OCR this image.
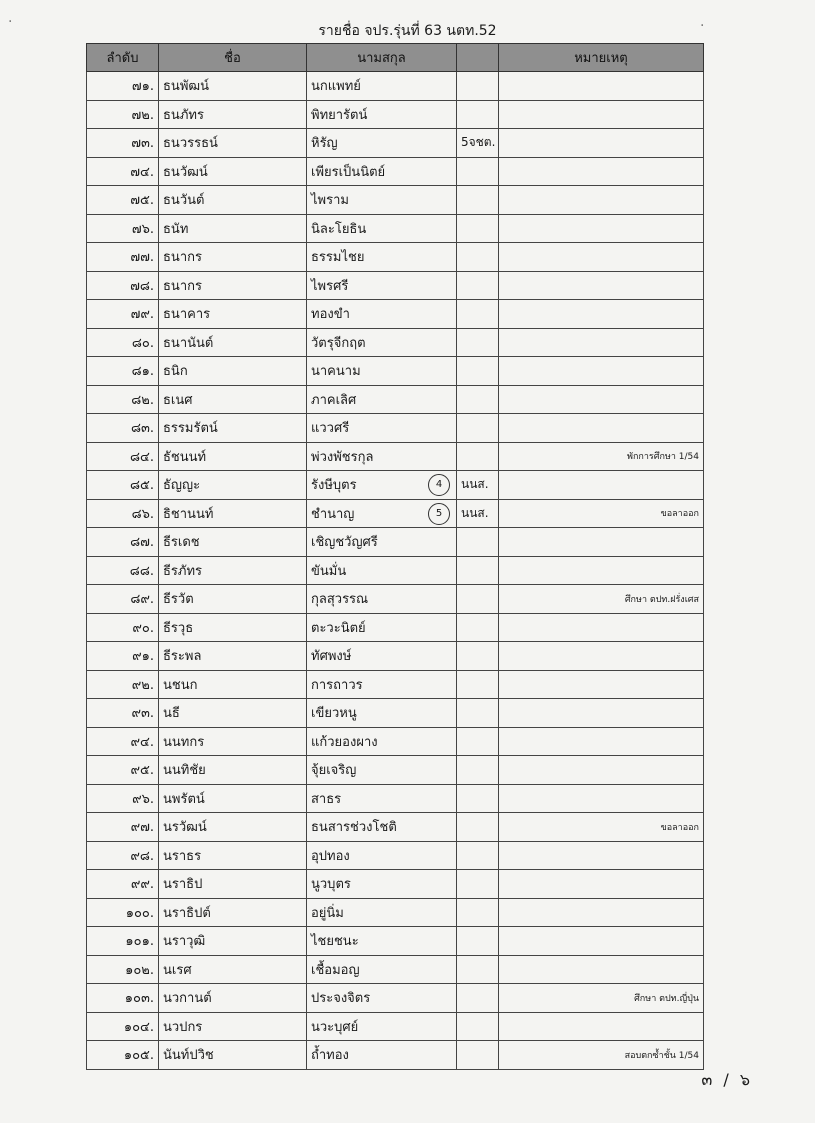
รายชื่อ จปร.รุ่นที่ 63 นตท.52
·	·
ลำดับ	ชื่อ	นามสกุล		หมายเหตุ
๗๑.	ธนพัฒน์	นกแพทย์		
๗๒.	ธนภัทร	พิทยารัตน์		
๗๓.	ธนวรรธน์	หิรัญ	5จชต.	
๗๔.	ธนวัฒน์	เพียรเป็นนิตย์		
๗๕.	ธนวันต์	ไพราม		
๗๖.	ธนัท	นิละโยธิน		
๗๗.	ธนากร	ธรรมไชย		
๗๘.	ธนากร	ไพรศรี		
๗๙.	ธนาคาร	ทองขำ		
๘๐.	ธนานันต์	วัตรุจีกฤต		
๘๑.	ธนิก	นาคนาม		
๘๒.	ธเนศ	ภาคเลิศ		
๘๓.	ธรรมรัตน์	แววศรี		
๘๔.	ธัชนนท์	พ่วงพัชรกุล		พักการศึกษา 1/54
๘๕.	ธัญญะ	รังษีบุตร 4	นนส.	
๘๖.	ธิชานนท์	ชำนาญ 5	นนส.	ขอลาออก
๘๗.	ธีรเดช	เชิญชวัญศรี		
๘๘.	ธีรภัทร	ขันมั่น		
๘๙.	ธีรวัต	กุลสุวรรณ		ศึกษา ตปท.ฝรั่งเศส
๙๐.	ธีรวุธ	ตะวะนิตย์		
๙๑.	ธีระพล	ทัศพงษ์		
๙๒.	นชนก	การถาวร		
๙๓.	นธี	เขียวหนู		
๙๔.	นนทกร	แก้วยองผาง		
๙๕.	นนทิชัย	จุ้ยเจริญ		
๙๖.	นพรัตน์	สาธร		
๙๗.	นรวัฒน์	ธนสารช่วงโชติ		ขอลาออก
๙๘.	นราธร	อุปทอง		
๙๙.	นราธิป	นูวบุตร		
๑๐๐.	นราธิปต์	อยู่นิ่ม		
๑๐๑.	นราวุฒิ	ไชยชนะ		
๑๐๒.	นเรศ	เชื้อมอญ		
๑๐๓.	นวกานต์	ประจงจิตร		ศึกษา ตปท.ญี่ปุ่น
๑๐๔.	นวปกร	นวะบุศย์		
๑๐๕.	นันท์ปวิช	ถ้ำทอง		สอบตกซ้ำชั้น 1/54
๓ / ๖
